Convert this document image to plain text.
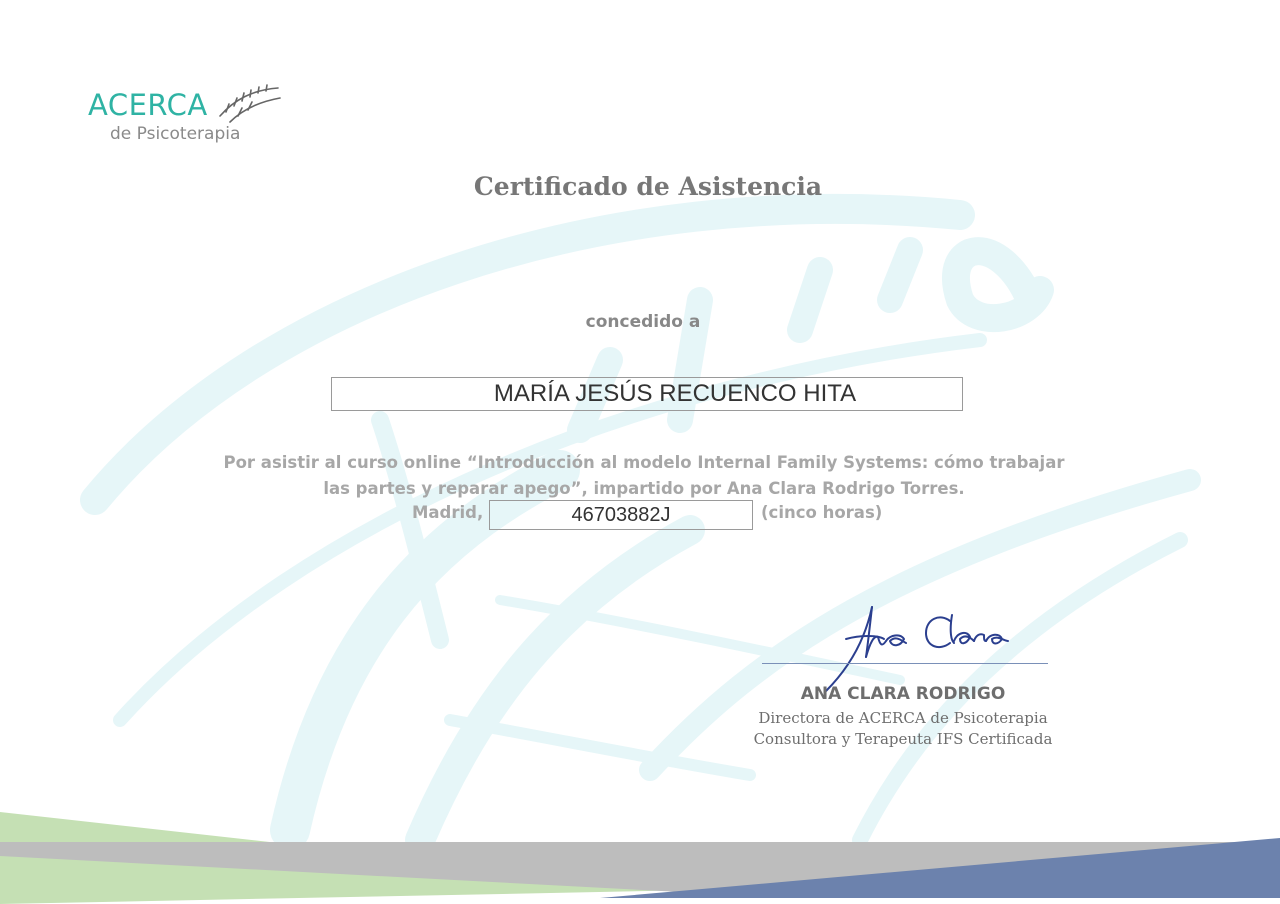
ACERCA
de Psicoterapia
Certificado de Asistencia
concedido a
MARÍA JESÚS RECUENCO HITA
Por asistir al curso online “Introducción al modelo Internal Family Systems: cómo trabajar
las partes y reparar apego”, impartido por Ana Clara Rodrigo Torres.
Madrid,	46703882J	(cinco horas)
ANA CLARA RODRIGO
Directora de ACERCA de Psicoterapia
Consultora y Terapeuta IFS Certificada
